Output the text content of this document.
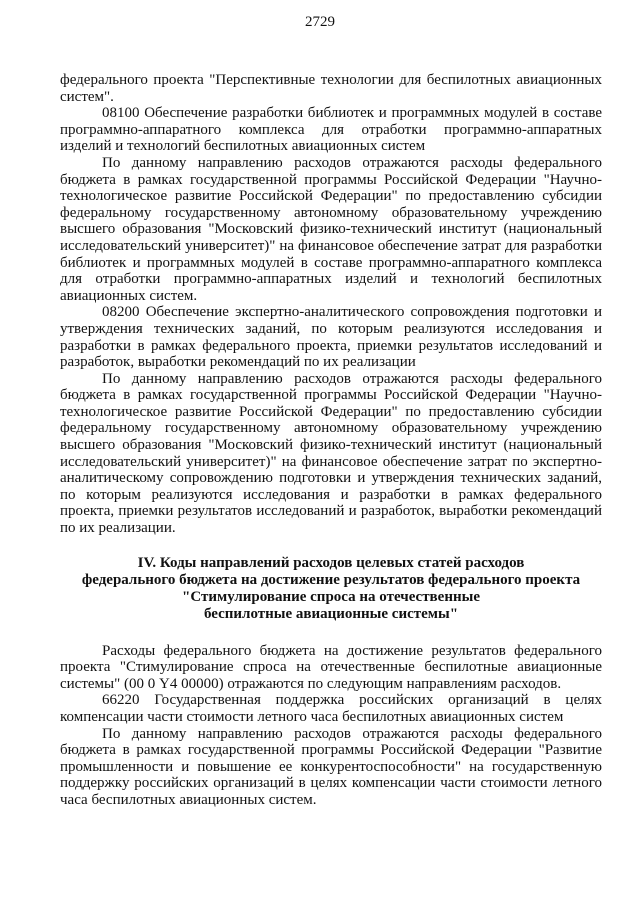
2729

федерального проекта "Перспективные технологии для беспилотных авиационных систем".

08100 Обеспечение разработки библиотек и программных модулей в составе программно-аппаратного комплекса для отработки программно-аппаратных изделий и технологий беспилотных авиационных систем

По данному направлению расходов отражаются расходы федерального бюджета в рамках государственной программы Российской Федерации "Научно-технологическое развитие Российской Федерации" по предоставлению субсидии федеральному государственному автономному образовательному учреждению высшего образования "Московский физико-технический институт (национальный исследовательский университет)" на финансовое обеспечение затрат для разработки библиотек и программных модулей в составе программно-аппаратного комплекса для отработки программно-аппаратных изделий и технологий беспилотных авиационных систем.

08200 Обеспечение экспертно-аналитического сопровождения подготовки и утверждения технических заданий, по которым реализуются исследования и разработки в рамках федерального проекта, приемки результатов исследований и разработок, выработки рекомендаций по их реализации

По данному направлению расходов отражаются расходы федерального бюджета в рамках государственной программы Российской Федерации "Научно-технологическое развитие Российской Федерации" по предоставлению субсидии федеральному государственному автономному образовательному учреждению высшего образования "Московский физико-технический институт (национальный исследовательский университет)" на финансовое обеспечение затрат по экспертно-аналитическому сопровождению подготовки и утверждения технических заданий, по которым реализуются исследования и разработки в рамках федерального проекта, приемки результатов исследований и разработок, выработки рекомендаций по их реализации.

IV. Коды направлений расходов целевых статей расходов
федерального бюджета на достижение результатов федерального проекта
"Стимулирование спроса на отечественные
беспилотные авиационные системы"

Расходы федерального бюджета на достижение результатов федерального проекта "Стимулирование спроса на отечественные беспилотные авиационные системы" (00 0 Y4 00000) отражаются по следующим направлениям расходов.

66220 Государственная поддержка российских организаций в целях компенсации части стоимости летного часа беспилотных авиационных систем

По данному направлению расходов отражаются расходы федерального бюджета в рамках государственной программы Российской Федерации "Развитие промышленности и повышение ее конкурентоспособности" на государственную поддержку российских организаций в целях компенсации части стоимости летного часа беспилотных авиационных систем.
